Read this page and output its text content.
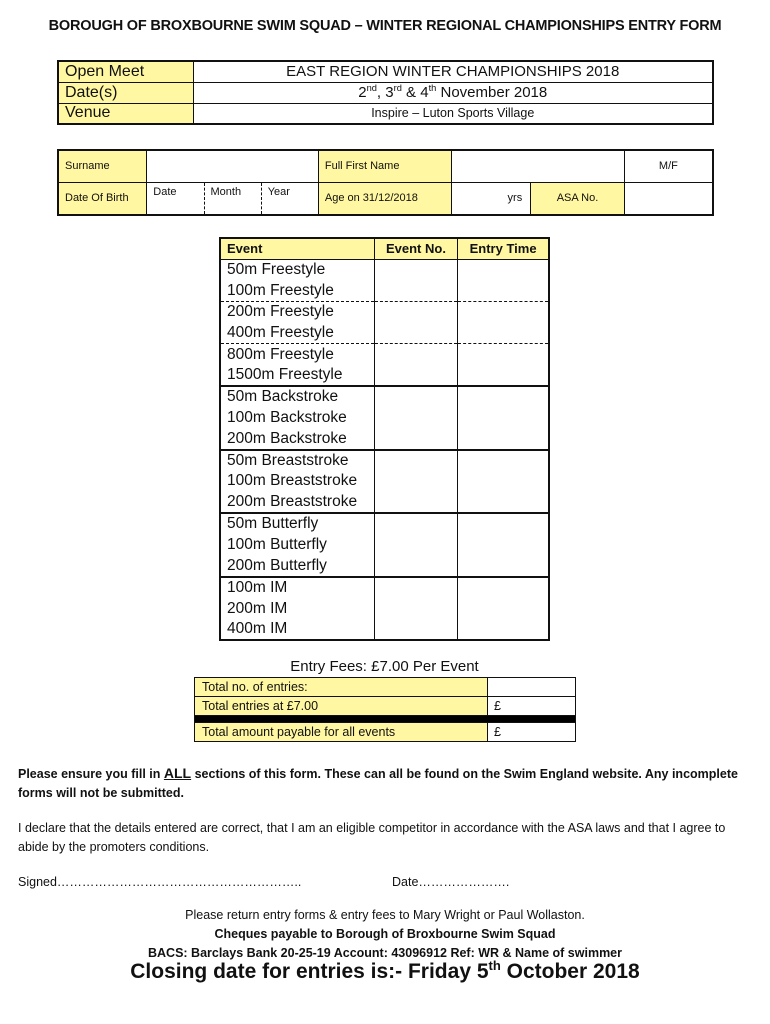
BOROUGH OF BROXBOURNE SWIM SQUAD – WINTER REGIONAL CHAMPIONSHIPS ENTRY FORM
Open Meet	EAST REGION WINTER CHAMPIONSHIPS 2018
Date(s)	2nd, 3rd & 4th November 2018
Venue	Inspire – Luton Sports Village
Surname		Full First Name			M/F
Date Of Birth	Date Month Year	Age on 31/12/2018	yrs	ASA No.	
Event	Event No.	Entry Time
50m Freestyle		
100m Freestyle		
200m Freestyle		
400m Freestyle		
800m Freestyle		
1500m Freestyle		
50m Backstroke		
100m Backstroke		
200m Backstroke		
50m Breaststroke		
100m Breaststroke		
200m Breaststroke		
50m Butterfly		
100m Butterfly		
200m Butterfly		
100m IM		
200m IM		
400m IM		
Entry Fees: £7.00 Per Event
Total no. of entries:	
Total entries at £7.00	£

Total amount payable for all events	£
Please ensure you fill in ALL sections of this form. These can all be found on the Swim England website. Any incomplete forms will not be submitted.
I declare that the details entered are correct, that I am an eligible competitor in accordance with the ASA laws and that I agree to abide by the promoters conditions.
Signed…………………………………………………..	Date………………….
Please return entry forms & entry fees to Mary Wright or Paul Wollaston.
Cheques payable to Borough of Broxbourne Swim Squad
BACS: Barclays Bank 20-25-19 Account: 43096912 Ref: WR & Name of swimmer
Closing date for entries is:- Friday 5th October 2018
